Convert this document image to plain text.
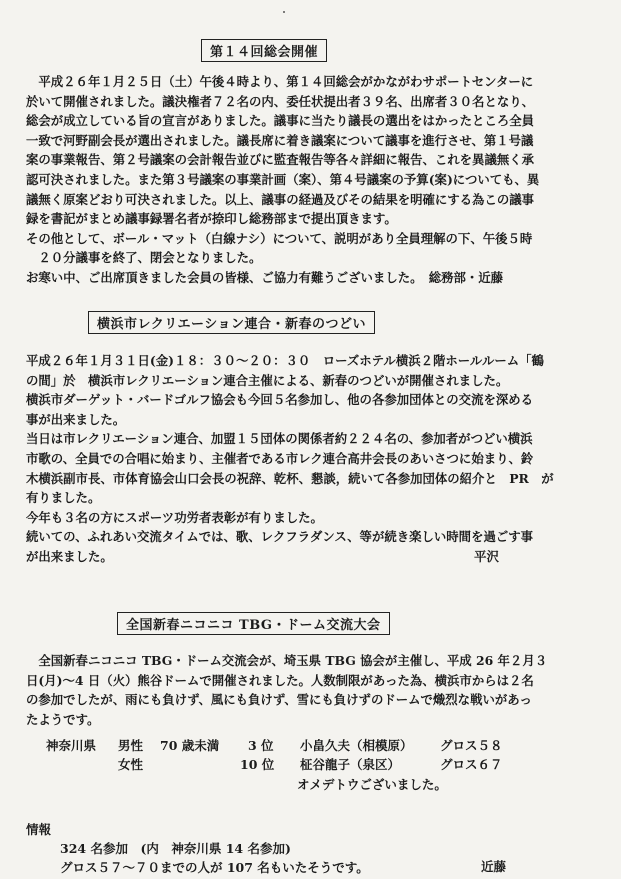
第１４回総会開催
　平成２６年１月２５日（土）午後４時より、第１４回総会がかながわサポートセンターに
於いて開催されました。議決権者７２名の内、委任状提出者３９名、出席者３０名となり、
総会が成立している旨の宣言がありました。議事に当たり議長の選出をはかったところ全員
一致で河野副会長が選出されました。議長席に着き議案について議事を進行させ、第１号議
案の事業報告、第２号議案の会計報告並びに監査報告等各々詳細に報告、これを異議無く承
認可決されました。また第３号議案の事業計画（案）、第４号議案の予算(案)についても、異
議無く原案どおり可決されました。以上、議事の経過及びその結果を明確にする為この議事
録を書記がまとめ議事録署名者が捺印し総務部まで提出頂きます。
その他として、ボール・マット（白線ナシ）について、説明があり全員理解の下、午後５時
　２０分議事を終了、閉会となりました。
お寒い中、ご出席頂きました会員の皆様、ご協力有難うございました。　総務部・近藤
横浜市レクリエーション連合・新春のつどい
平成２６年１月３１日(金)１８：３０～２０：３０　ローズホテル横浜２階ホールルーム「鶴
の間」於　横浜市レクリエーション連合主催による、新春のつどいが開催されました。
横浜市ダーゲット・バードゴルフ協会も今回５名参加し、他の各参加団体との交流を深める
事が出来ました。
当日は市レクリエーション連合、加盟１５団体の関係者約２２４名の、参加者がつどい横浜
市歌の、全員での合唱に始まり、主催者である市レク連合高井会長のあいさつに始まり、鈴
木横浜副市長、市体育協会山口会長の祝辞、乾杯、懇談，続いて各参加団体の紹介と　PR　が
有りました。
今年も３名の方にスポーツ功労者表彰が有りました。
続いての、ふれあい交流タイムでは、歌、レクフラダンス、等が続き楽しい時間を過ごす事
が出来ました。	平沢
全国新春ニコニコ TBG・ドーム交流大会
　全国新春ニコニコ TBG・ドーム交流会が、埼玉県 TBG 協会が主催し、平成 26 年２月３
日(月)～4 日（火）熊谷ドームで開催されました。人数制限があった為、横浜市からは２名
の参加でしたが、雨にも負けず、風にも負けず、雪にも負けずのドームで熾烈な戦いがあっ
たようです。
神奈川県 男性 70 歳未満 3 位 小畠久夫（相模原） グロス５８
女性	10 位 柾谷龍子（泉区）	グロス６７
オメデトウございました。
情報
324 名参加　(内　神奈川県 14 名参加)
グロス５７～７０までの人が 107 名もいたそうです。	近藤
